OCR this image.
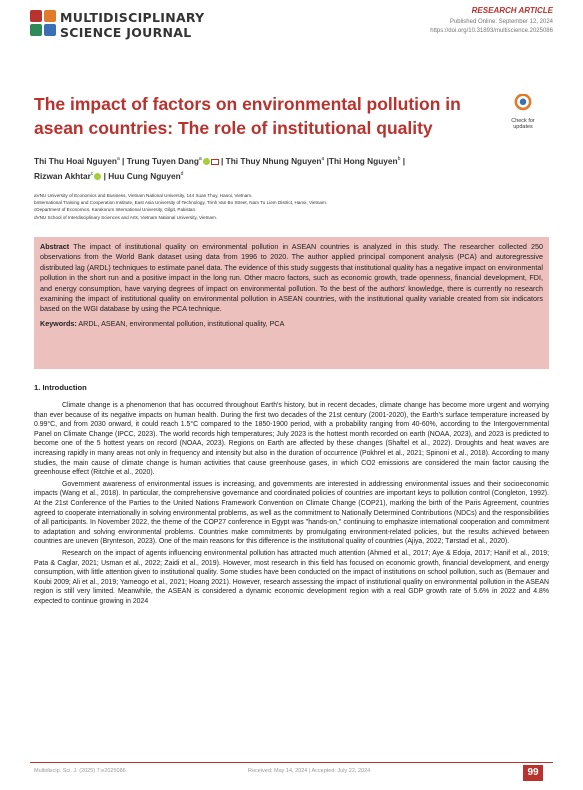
MULTIDISCIPLINARY
SCIENCE JOURNAL
RESEARCH ARTICLE
Published Online: September 12, 2024
https://doi.org/10.31893/multiscience.2025086
The impact of factors on environmental pollution in asean countries: The role of institutional quality	Check for
updates
Thi Thu Hoai Nguyen$^a$ | Trung Tuyen Dang$^a$ | Thi Thuy Nhung Nguyen$^a$ |Thi Hong Nguyen$^b$ |
Rizwan Akhtar$^c$ | Huu Cung Nguyen$^d$
aVNU University of Economics and Business, Vietnam National University, 144 Xuan Thuy, Hanoi, Vietnam.
bInternational Training and Cooperation Institute, East Asia University of Technology, Trinh Van Bo Street, Nam Tu Liem District, Hanoi, Vietnam.
cDepartment of Economics, Karakorum International University, Gilgit, Pakistan.
dVNU School of Interdisciplinary Sciences and Arts, Vietnam National University, Vietnam.
Abstract The impact of institutional quality on environmental pollution in ASEAN countries is analyzed in this study. The researcher collected 250 observations from the World Bank dataset using data from 1996 to 2020. The author applied principal component analysis (PCA) and autoregressive distributed lag (ARDL) techniques to estimate panel data. The evidence of this study suggests that institutional quality has a negative impact on environmental pollution in the short run and a positive impact in the long run. Other macro factors, such as economic growth, trade openness, financial development, FDI, and energy consumption, have varying degrees of impact on environmental pollution. To the best of the authors' knowledge, there is currently no research examining the impact of institutional quality on environmental pollution in ASEAN countries, with the institutional quality variable created from six indicators based on the WGI database by using the PCA technique.
Keywords: ARDL, ASEAN, environmental pollution, institutional quality, PCA
1. Introduction

Climate change is a phenomenon that has occurred throughout Earth's history, but in recent decades, climate change has become more urgent and worrying than ever because of its negative impacts on human health. During the first two decades of the 21st century (2001-2020), the Earth's surface temperature increased by 0.99°C, and from 2030 onward, it could reach 1.5°C compared to the 1850-1900 period, with a probability ranging from 40-60%, according to the Intergovernmental Panel on Climate Change (IPCC, 2023). The world records high temperatures; July 2023 is the hottest month recorded on earth (NOAA, 2023), and 2023 is predicted to become one of the 5 hottest years on record (NOAA, 2023). Regions on Earth are affected by these changes (Shaftel et al., 2022). Droughts and heat waves are increasing rapidly in many areas not only in frequency and intensity but also in the duration of occurrence (Pokhrel et al., 2021; Spinoni et al., 2018). According to many studies, the main cause of climate change is human activities that cause greenhouse gases, in which CO2 emissions are considered the main factor causing the greenhouse effect (Ritchie et al., 2020).

Government awareness of environmental issues is increasing, and governments are interested in addressing environmental issues and their socioeconomic impacts (Wang et al., 2018). In particular, the comprehensive governance and coordinated policies of countries are important keys to pollution control (Congleton, 1992). At the 21st Conference of the Parties to the United Nations Framework Convention on Climate Change (COP21), marking the birth of the Paris Agreement, countries agreed to cooperate internationally in solving environmental problems, as well as the commitment to Nationally Determined Contributions (NDCs) and the responsibilities of all participants. In November 2022, the theme of the COP27 conference in Egypt was "hands-on," continuing to emphasize international cooperation and commitment to adaptation and solving environmental problems. Countries make commitments by promulgating environment-related policies, but the results achieved between countries are uneven (Brynteson, 2023). One of the main reasons for this difference is the institutional quality of countries (Ajiya, 2022; Tørstad et al., 2020).

Research on the impact of agents influencing environmental pollution has attracted much attention (Ahmed et al., 2017; Aye & Edoja, 2017; Hanif et al., 2019; Pata & Caglar, 2021; Usman et al., 2022; Zaidi et al., 2019). However, most research in this field has focused on economic growth, financial development, and energy consumption, with little attention given to institutional quality. Some studies have been conducted on the impact of institutions on school pollution, such as (Bernauer and Koubi 2009; Ali et al., 2019; Yameogo et al., 2021; Hoang 2021). However, research assessing the impact of institutional quality on environmental pollution in the ASEAN region is still very limited. Meanwhile, the ASEAN is considered a dynamic economic development region with a real GDP growth rate of 5.6% in 2022 and 4.8% expected to continue growing in 2024

Multidiscip. Sci. J. (2025) 7:e2025086	Received: May 14, 2024 | Accepted: July 22, 2024	99
